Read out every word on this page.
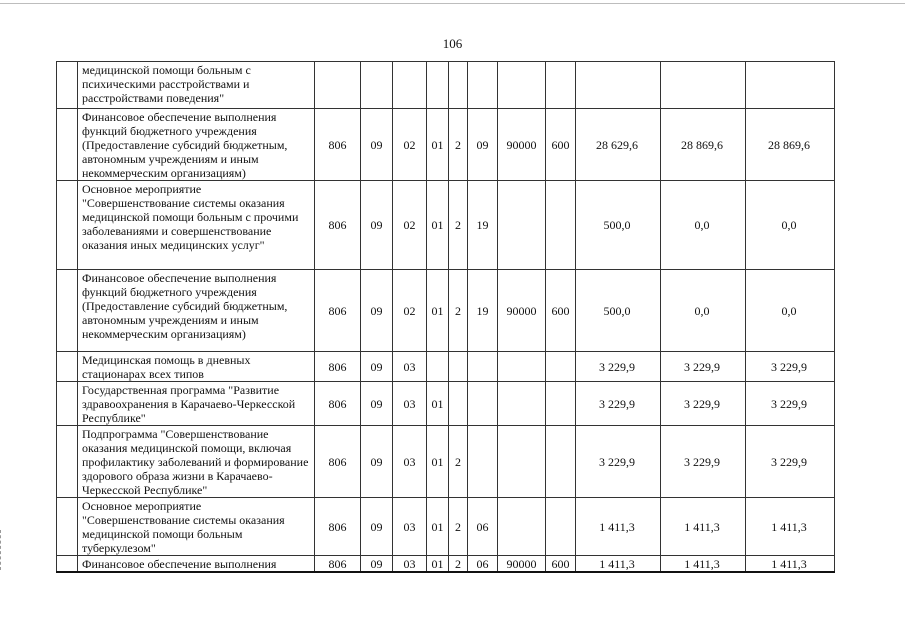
106
	медицинской помощи больным с психическими расстройствами и расстройствами поведения"											
	Финансовое обеспечение выполнения функций бюджетного учреждения (Предоставление субсидий бюджетным, автономным учреждениям и иным некоммерческим организациям)	806	09	02	01	2	09	90000	600	28 629,6	28 869,6	28 869,6
	Основное мероприятие "Совершенствование системы оказания медицинской помощи больным с прочими заболеваниями и совершенствование оказания иных медицинских услуг"	806	09	02	01	2	19			500,0	0,0	0,0
	Финансовое обеспечение выполнения функций бюджетного учреждения (Предоставление субсидий бюджетным, автономным учреждениям и иным некоммерческим организациям)	806	09	02	01	2	19	90000	600	500,0	0,0	0,0
	Медицинская помощь в дневных стационарах всех типов	806	09	03						3 229,9	3 229,9	3 229,9
	Государственная программа "Развитие здравоохранения в Карачаево-Черкесской Республике"	806	09	03	01					3 229,9	3 229,9	3 229,9
	Подпрограмма "Совершенствование оказания медицинской помощи, включая профилактику заболеваний и формирование здорового образа жизни в Карачаево-Черкесской Республике"	806	09	03	01	2				3 229,9	3 229,9	3 229,9
	Основное мероприятие "Совершенствование системы оказания медицинской помощи больным туберкулезом"	806	09	03	01	2	06			1 411,3	1 411,3	1 411,3
	Финансовое обеспечение выполнения	806	09	03	01	2	06	90000	600	1 411,3	1 411,3	1 411,3
